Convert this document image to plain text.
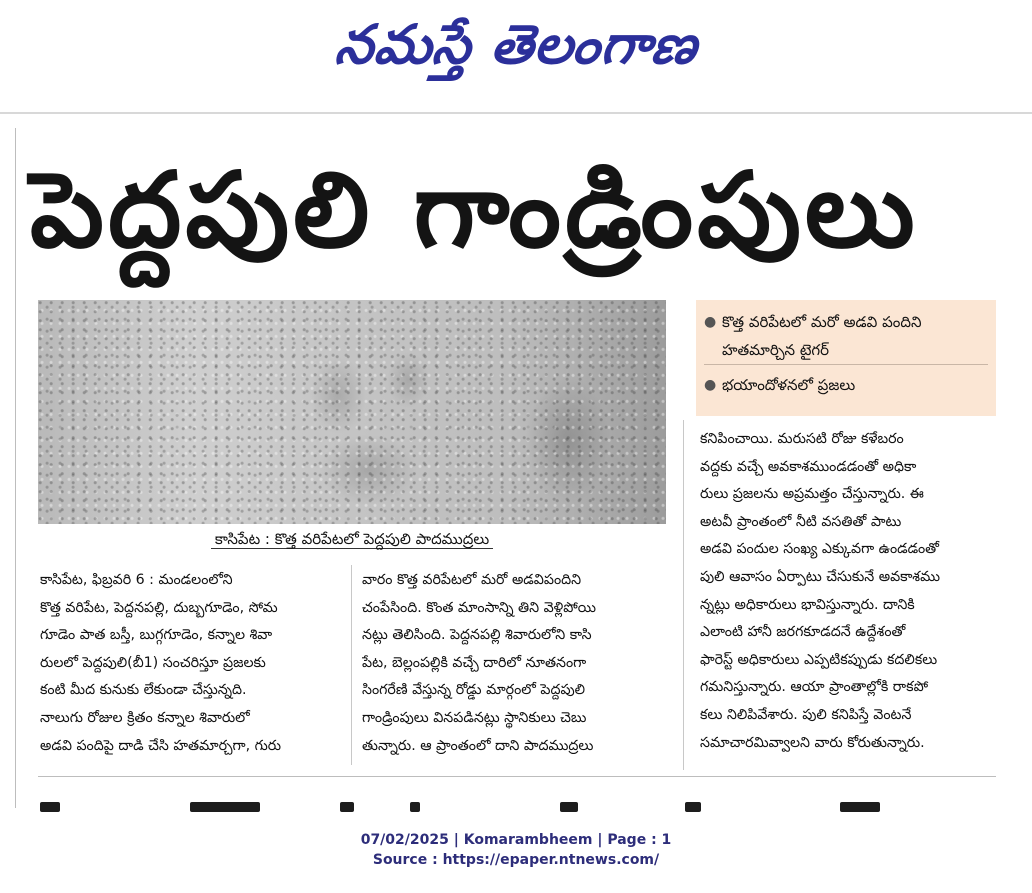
నమస్తే తెలంగాణ
పెద్దపులి గాండ్రింపులు
కాసిపేట : కొత్త వరిపేటలో పెద్దపులి పాదముద్రలు
● కొత్త వరిపేటలో మరో అడవి పందిని హతమార్చిన టైగర్
● భయాందోళనలో ప్రజలు
కాసిపేట, ఫిబ్రవరి 6 : మండలంలోని
కొత్త వరిపేట, పెద్దనపల్లి, దుబ్బగూడెం, సోమ
గూడెం పాత బస్తీ, బుగ్గగూడెం, కన్నాల శివా
రులలో పెద్దపులి(బీ1) సంచరిస్తూ ప్రజలకు
కంటి మీద కునుకు లేకుండా చేస్తున్నది.
నాలుగు రోజుల క్రితం కన్నాల శివారులో
అడవి పందిపై దాడి చేసి హతమార్చగా, గురు
వారం కొత్త వరిపేటలో మరో అడవిపందిని
చంపేసింది. కొంత మాంసాన్ని తిని వెళ్లిపోయి
నట్లు తెలిసింది. పెద్దనపల్లి శివారులోని కాసి
పేట, బెల్లంపల్లికి వచ్చే దారిలో నూతనంగా
సింగరేణి వేస్తున్న రోడ్డు మార్గంలో పెద్దపులి
గాండ్రింపులు వినపడినట్లు స్థానికులు చెబు
తున్నారు. ఆ ప్రాంతంలో దాని పాదముద్రలు
కనిపించాయి. మరుసటి రోజు కళేబరం
వద్దకు వచ్చే అవకాశముండడంతో అధికా
రులు ప్రజలను అప్రమత్తం చేస్తున్నారు. ఈ
అటవీ ప్రాంతంలో నీటి వసతితో పాటు
అడవి పందుల సంఖ్య ఎక్కువగా ఉండడంతో
పులి ఆవాసం ఏర్పాటు చేసుకునే అవకాశము
న్నట్లు అధికారులు భావిస్తున్నారు. దానికి
ఎలాంటి హానీ జరగకూడదనే ఉద్దేశంతో
ఫారెస్ట్ అధికారులు ఎప్పటికప్పుడు కదలికలు
గమనిస్తున్నారు. ఆయా ప్రాంతాల్లోకి రాకపో
కలు నిలిపివేశారు. పులి కనిపిస్తే వెంటనే
సమాచారమివ్వాలని వారు కోరుతున్నారు.
07/02/2025 | Komarambheem | Page : 1
Source : https://epaper.ntnews.com/
